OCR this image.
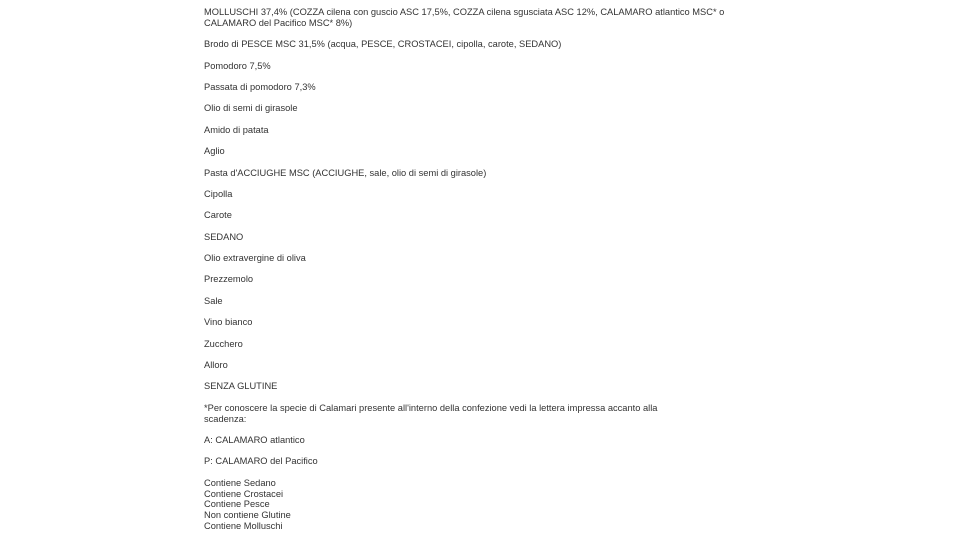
MOLLUSCHI 37,4% (COZZA cilena con guscio ASC 17,5%, COZZA cilena sgusciata ASC 12%, CALAMARO atlantico MSC* o CALAMARO del Pacifico MSC* 8%)
Brodo di PESCE MSC 31,5% (acqua, PESCE, CROSTACEI, cipolla, carote, SEDANO)
Pomodoro 7,5%
Passata di pomodoro 7,3%
Olio di semi di girasole
Amido di patata
Aglio
Pasta d'ACCIUGHE MSC (ACCIUGHE, sale, olio di semi di girasole)
Cipolla
Carote
SEDANO
Olio extravergine di oliva
Prezzemolo
Sale
Vino bianco
Zucchero
Alloro
SENZA GLUTINE
*Per conoscere la specie di Calamari presente all'interno della confezione vedi la lettera impressa accanto alla scadenza:
A: CALAMARO atlantico
P: CALAMARO del Pacifico
Contiene Sedano
Contiene Crostacei
Contiene Pesce
Non contiene Glutine
Contiene Molluschi
